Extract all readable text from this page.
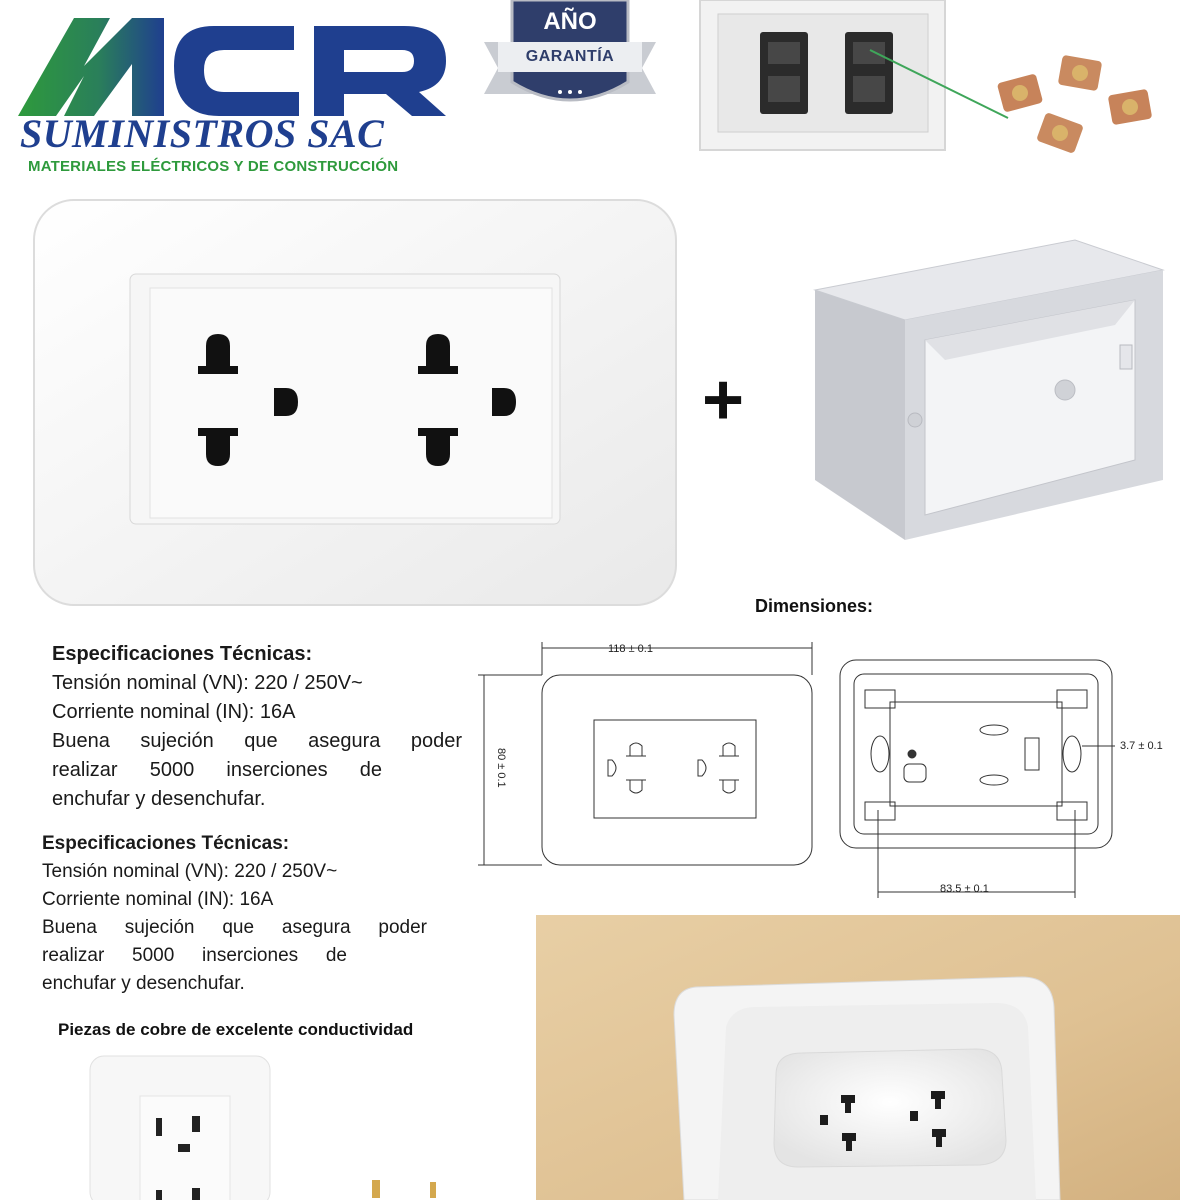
SUMINISTROS SAC
MATERIALES ELÉCTRICOS Y DE CONSTRUCCIÓN
AÑO
GARANTÍA
+
Dimensiones:
118 ± 0.1
80 ± 0.1
3.7 ± 0.1
83.5 ± 0.1
Especificaciones Técnicas:
Tensión nominal (VN): 220 / 250V~
Corriente nominal (IN): 16A
Buena sujeción que asegura poder
realizar 5000 inserciones de
enchufar y desenchufar.
Especificaciones Técnicas:
Tensión nominal (VN): 220 / 250V~
Corriente nominal (IN): 16A
Buena sujeción que asegura poder
realizar 5000 inserciones de
enchufar y desenchufar.
Piezas de cobre de excelente conductividad
